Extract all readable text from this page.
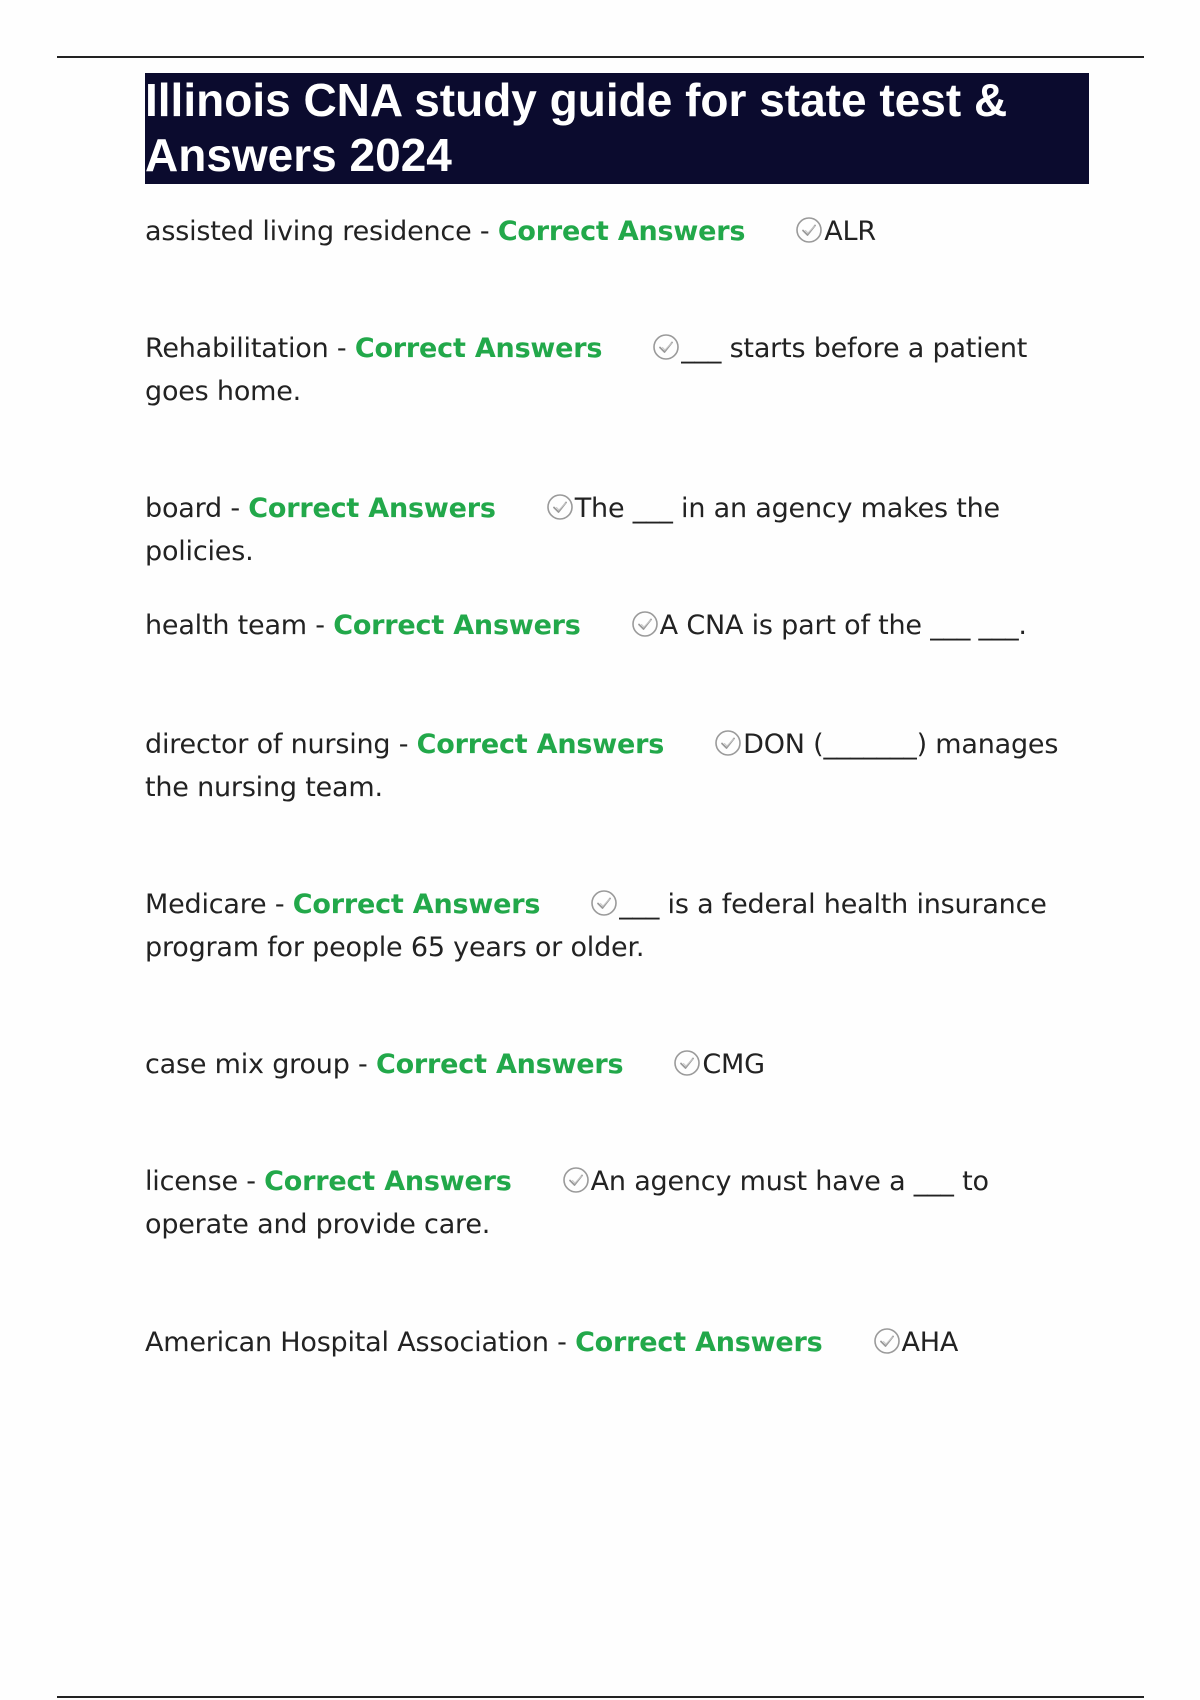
Illinois CNA study guide for state test &
Answers 2024
assisted living residence - Correct Answers	ALR
Rehabilitation - Correct Answers	___ starts before a patient goes home.
board - Correct Answers	The ___ in an agency makes the policies.
health team - Correct Answers	A CNA is part of the ___ ___.
director of nursing - Correct Answers	DON (_______) manages the nursing team.
Medicare - Correct Answers	___ is a federal health insurance program for people 65 years or older.
case mix group - Correct Answers	CMG
license - Correct Answers	An agency must have a ___ to operate and provide care.
American Hospital Association - Correct Answers	AHA
